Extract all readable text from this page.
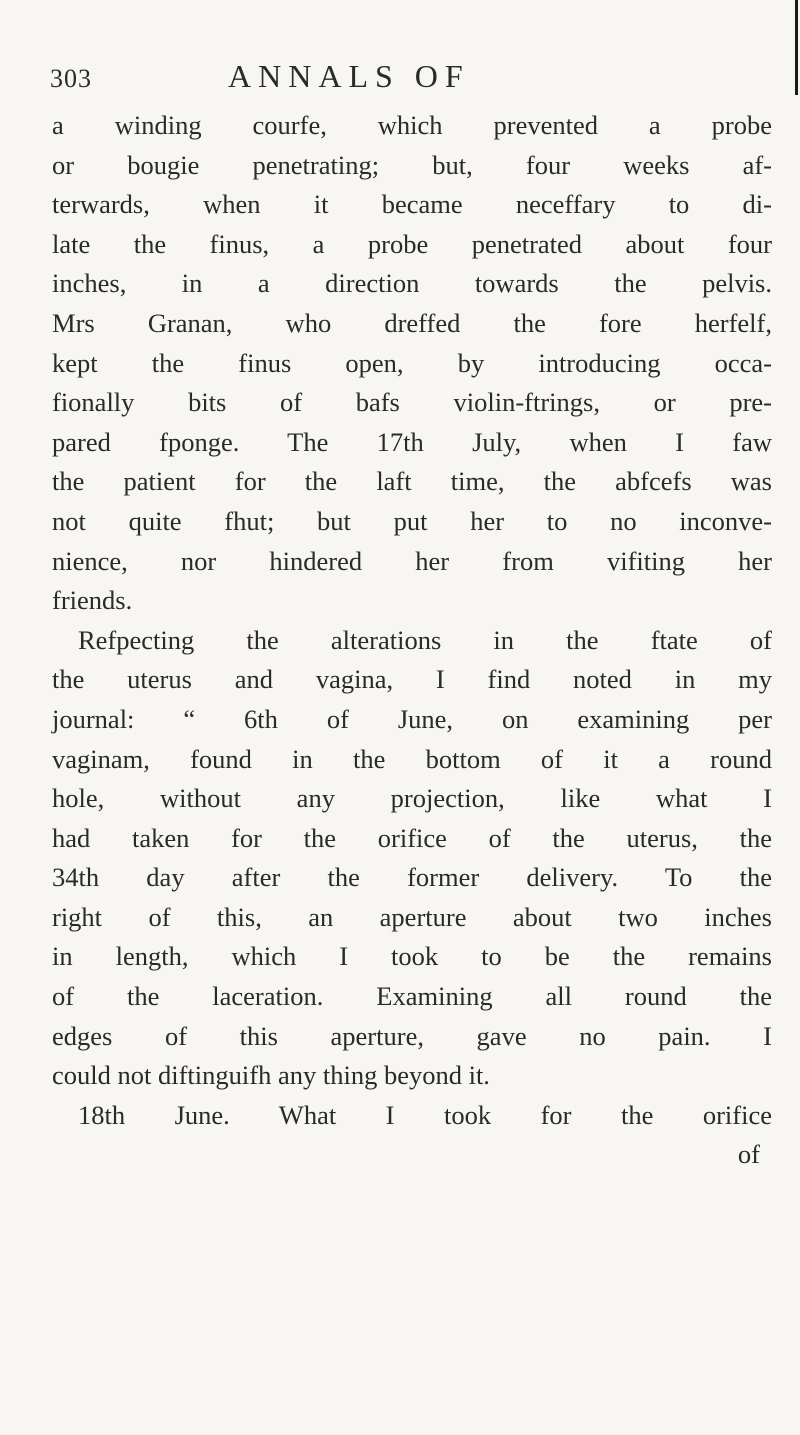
303	ANNALS OF
a winding courfe, which prevented a probe
or bougie penetrating; but, four weeks af-
terwards, when it became neceffary to di-
late the finus, a probe penetrated about four
inches, in a direction towards the pelvis.
Mrs Granan, who dreffed the fore herfelf,
kept the finus open, by introducing occa-
fionally bits of bafs violin-ftrings, or pre-
pared fponge. The 17th July, when I faw
the patient for the laft time, the abfcefs was
not quite fhut; but put her to no inconve-
nience, nor hindered her from vifiting her
friends.
Refpecting the alterations in the ftate of
the uterus and vagina, I find noted in my
journal: “ 6th of June, on examining per
vaginam, found in the bottom of it a round
hole, without any projection, like what I
had taken for the orifice of the uterus, the
34th day after the former delivery. To the
right of this, an aperture about two inches
in length, which I took to be the remains
of the laceration. Examining all round the
edges of this aperture, gave no pain. I
could not diftinguifh any thing beyond it.
18th June. What I took for the orifice
of
